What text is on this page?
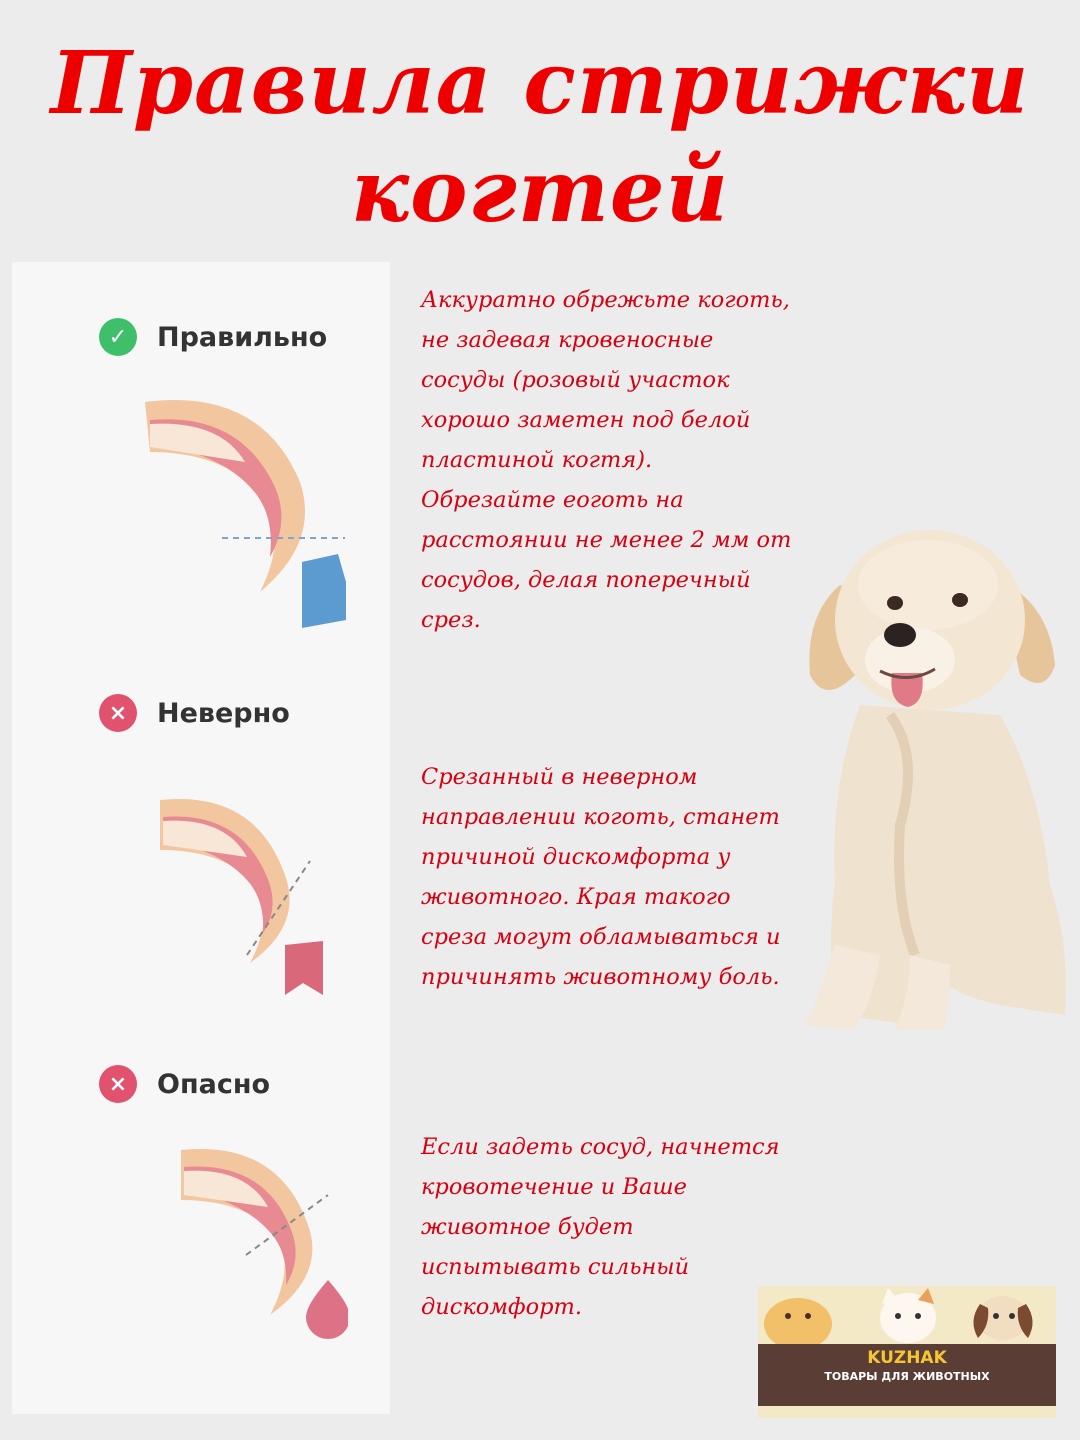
Правила стрижки
когтей
✓	Правильно
Аккуратно обрежьте коготь,
не задевая кровеносные
сосуды (розовый участок
хорошо заметен под белой
пластиной когтя).
Обрезайте еоготь на
расстоянии не менее 2 мм от
сосудов, делая поперечный
срез.
×	Неверно
Срезанный в неверном
направлении коготь, станет
причиной дискомфорта у
животного. Края такого
среза могут обламываться и
причинять животному боль.
×	Опасно
Если задеть сосуд, начнется
кровотечение и Ваше
животное будет
испытывать сильный
дискомфорт.
KUZHAK
ТОВАРЫ ДЛЯ ЖИВОТНЫХ
